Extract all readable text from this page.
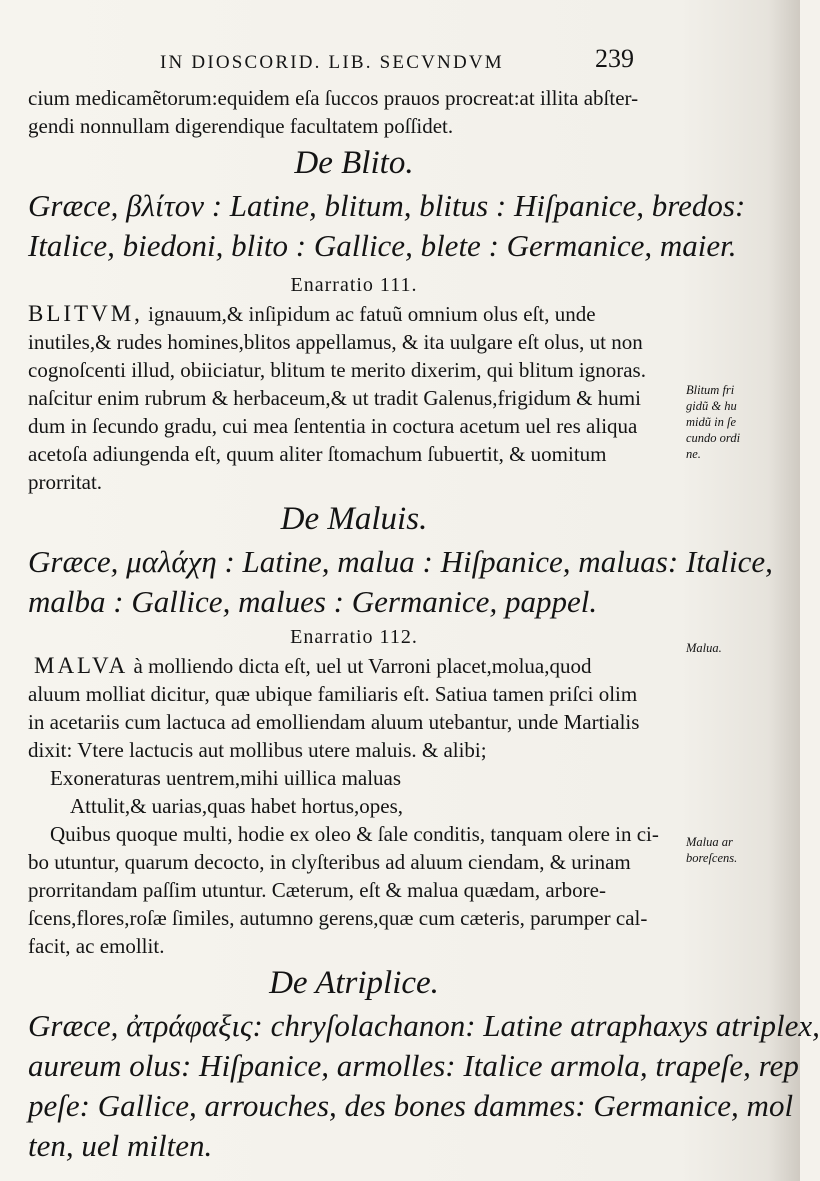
IN DIOSCORID. LIB. SECVNDVM	239
cium medicamẽtorum:equidem eſa ſuccos prauos procreat:at illita abſter-
gendi nonnullam digerendique facultatem poſſidet.
De Blito.
Græce, βλίτον : Latine, blitum, blitus : Hiſpanice, bredos:
Italice, biedoni, blito : Gallice, blete : Germanice, maier.
Enarratio 111.
BLITVM, ignauum,& inſipidum ac fatuũ omnium olus eſt, unde
inutiles,& rudes homines,blitos appellamus, & ita uulgare eſt olus, ut non
cognoſcenti illud, obiiciatur, blitum te merito dixerim, qui blitum ignoras.
naſcitur enim rubrum & herbaceum,& ut tradit Galenus,frigidum & humi
dum in ſecundo gradu, cui mea ſententia in coctura acetum uel res aliqua
acetoſa adiungenda eſt, quum aliter ſtomachum ſubuertit, & uomitum
prorritat.
De Maluis.
Græce, μαλάχη : Latine, malua : Hiſpanice, maluas: Italice,
malba : Gallice, malues : Germanice, pappel.
Enarratio 112.
MALVA à molliendo dicta eſt, uel ut Varroni placet,molua,quod
aluum molliat dicitur, quæ ubique familiaris eſt. Satiua tamen priſci olim
in acetariis cum lactuca ad emolliendam aluum utebantur, unde Martialis
dixit: Vtere lactucis aut mollibus utere maluis. & alibi;
Exoneraturas uentrem,mihi uillica maluas
Attulit,& uarias,quas habet hortus,opes,
Quibus quoque multi, hodie ex oleo & ſale conditis, tanquam olere in ci-
bo utuntur, quarum decocto, in clyſteribus ad aluum ciendam, & urinam
prorritandam paſſim utuntur. Cæterum, eſt & malua quædam, arbore-
ſcens,flores,roſæ ſimiles, autumno gerens,quæ cum cæteris, parumper cal-
facit, ac emollit.
De Atriplice.
Græce, ἀτράφαξις: chryſolachanon: Latine atraphaxys atriplex,
aureum olus: Hiſpanice, armolles: Italice armola, trapeſe, rep
peſe: Gallice, arrouches, des bones dammes: Germanice, mol
ten, uel milten.
Blitum fri
gidũ & hu
midũ in ſe
cundo ordi
ne.
Malua.
Malua ar
boreſcens.
